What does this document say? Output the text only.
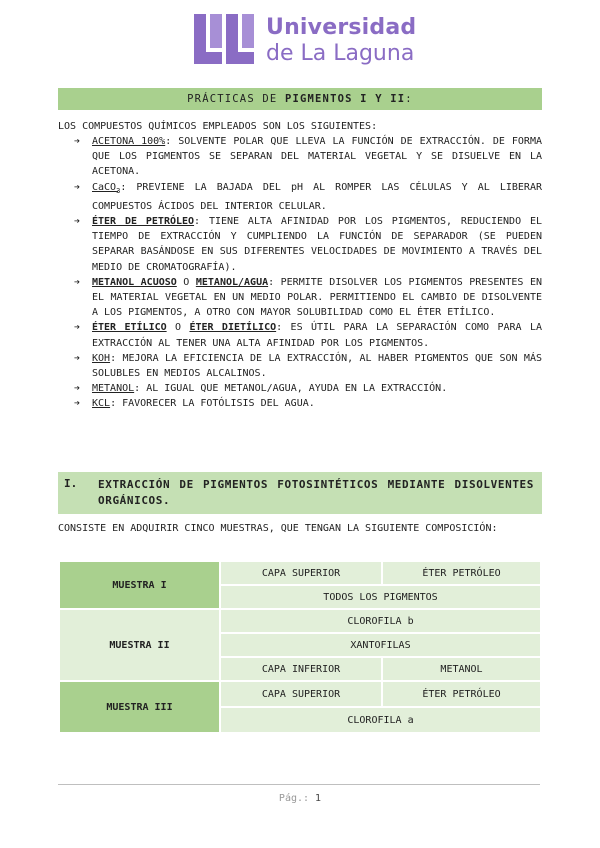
Universidad
de La Laguna
PRÁCTICAS DE PIGMENTOS I Y II:
LOS COMPUESTOS QUÍMICOS EMPLEADOS SON LOS SIGUIENTES:
➔ ACETONA 100%: SOLVENTE POLAR QUE LLEVA LA FUNCIÓN DE EXTRACCIÓN. DE FORMA QUE LOS PIGMENTOS SE SEPARAN DEL MATERIAL VEGETAL Y SE DISUELVE EN LA ACETONA.
➔ CaCO$_3$: PREVIENE LA BAJADA DEL pH AL ROMPER LAS CÉLULAS Y AL LIBERAR COMPUESTOS ÁCIDOS DEL INTERIOR CELULAR.
➔ ÉTER DE PETRÓLEO: TIENE ALTA AFINIDAD POR LOS PIGMENTOS, REDUCIENDO EL TIEMPO DE EXTRACCIÓN Y CUMPLIENDO LA FUNCIÓN DE SEPARADOR (SE PUEDEN SEPARAR BASÁNDOSE EN SUS DIFERENTES VELOCIDADES DE MOVIMIENTO A TRAVÉS DEL MEDIO DE CROMATOGRAFÍA).
➔ METANOL ACUOSO O METANOL/AGUA: PERMITE DISOLVER LOS PIGMENTOS PRESENTES EN EL MATERIAL VEGETAL EN UN MEDIO POLAR. PERMITIENDO EL CAMBIO DE DISOLVENTE A LOS PIGMENTOS, A OTRO CON MAYOR SOLUBILIDAD COMO EL ÉTER ETÍLICO.
➔ ÉTER ETÍLICO O ÉTER DIETÍLICO: ES ÚTIL PARA LA SEPARACIÓN COMO PARA LA EXTRACCIÓN AL TENER UNA ALTA AFINIDAD POR LOS PIGMENTOS.
➔ KOH: MEJORA LA EFICIENCIA DE LA EXTRACCIÓN, AL HABER PIGMENTOS QUE SON MÁS SOLUBLES EN MEDIOS ALCALINOS.
➔ METANOL: AL IGUAL QUE METANOL/AGUA, AYUDA EN LA EXTRACCIÓN.
➔ KCL: FAVORECER LA FOTÓLISIS DEL AGUA.
I. EXTRACCIÓN DE PIGMENTOS FOTOSINTÉTICOS MEDIANTE DISOLVENTES ORGÁNICOS.
CONSISTE EN ADQUIRIR CINCO MUESTRAS, QUE TENGAN LA SIGUIENTE COMPOSICIÓN:
MUESTRA I	CAPA SUPERIOR	ÉTER PETRÓLEO
	TODOS LOS PIGMENTOS	
MUESTRA II	CLOROFILA b	
	XANTOFILAS	
	CAPA INFERIOR	METANOL
MUESTRA III	CAPA SUPERIOR	ÉTER PETRÓLEO
	CLOROFILA a	
Pág.: 1
